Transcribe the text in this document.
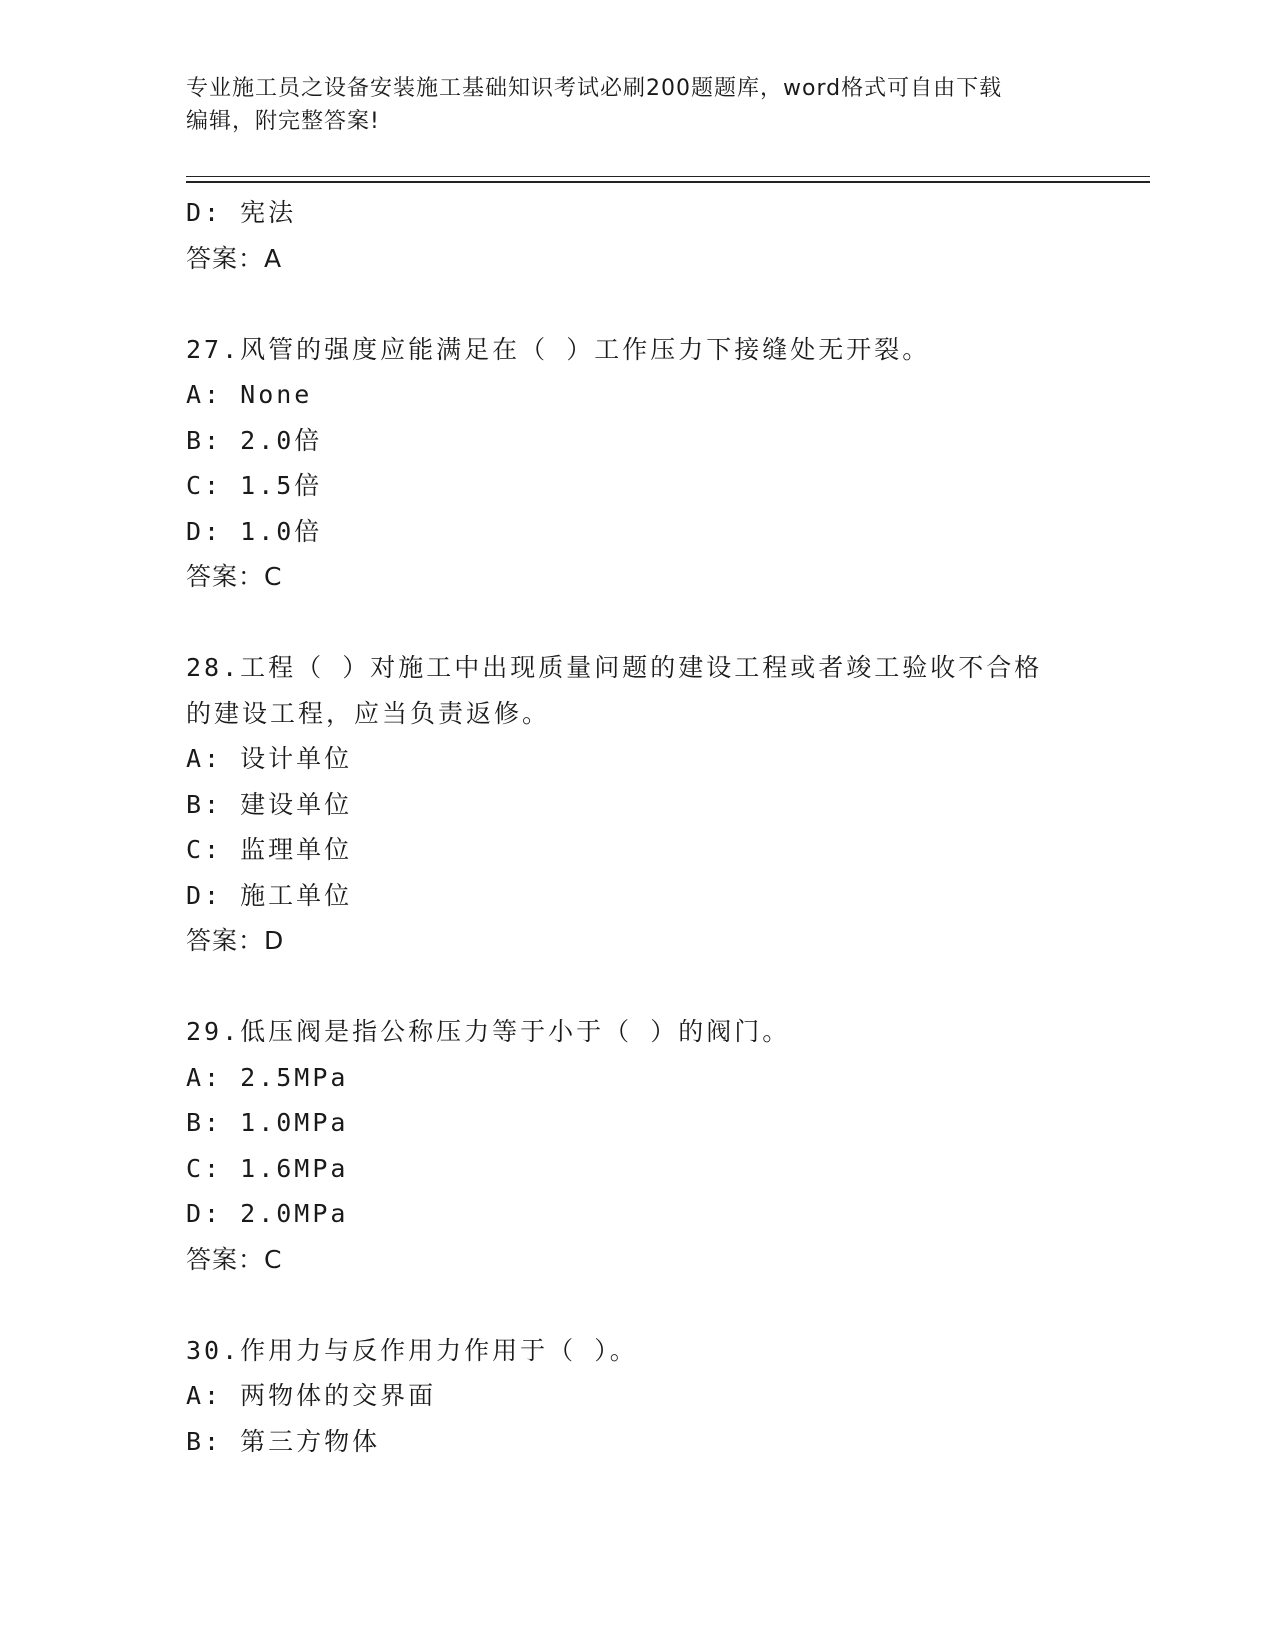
专业施工员之设备安装施工基础知识考试必刷200题题库，word格式可自由下载
编辑，附完整答案!
D: 宪法
答案：A
27.风管的强度应能满足在（ ）工作压力下接缝处无开裂。
A: None
B: 2.0倍
C: 1.5倍
D: 1.0倍
答案：C
28.工程（ ）对施工中出现质量问题的建设工程或者竣工验收不合格
的建设工程，应当负责返修。
A: 设计单位
B: 建设单位
C: 监理单位
D: 施工单位
答案：D
29.低压阀是指公称压力等于小于（ ）的阀门。
A: 2.5MPa
B: 1.0MPa
C: 1.6MPa
D: 2.0MPa
答案：C
30.作用力与反作用力作用于（ ）。
A: 两物体的交界面
B: 第三方物体
